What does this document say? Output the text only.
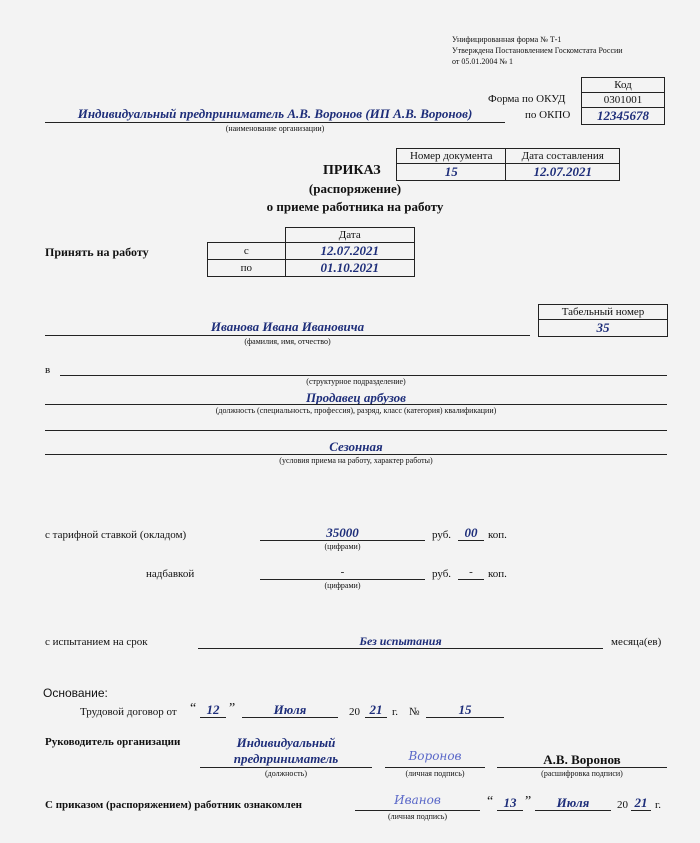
Унифицированная форма № Т-1
Утверждена Постановлением Госкомстата России
от 05.01.2004 № 1
Код
0301001
12345678
Форма по ОКУД
по ОКПО
Индивидуальный предприниматель А.В. Воронов (ИП А.В. Воронов)
(наименование организации)
ПРИКАЗ
Номер документа	Дата составления
15	12.07.2021
(распоряжение)
о приеме работника на работу
Принять на работу
	Дата
с	12.07.2021
по	01.10.2021
Табельный номер
35
Иванова Ивана Ивановича
(фамилия, имя, отчество)
в
(структурное подразделение)
Продавец арбузов
(должность (специальность, профессия), разряд, класс (категория) квалификации)
Сезонная
(условия приема на работу, характер работы)
с тарифной ставкой (окладом)	35000
(цифрами)
руб.	00 коп.
надбавкой	-
(цифрами)
руб.	-	коп.
с испытанием на срок	Без испытания	месяца(ев)
Основание:
Трудовой договор от “ 12 ”	Июля	20 21 г. №	15
Руководитель организации	Индивидуальный
предприниматель
(должность)
Воронов
(личная подпись)
А.В. Воронов
(расшифровка подписи)
С приказом (распоряжением) работник ознакомлен	Иванов
(личная подпись)
“ 13 ”	Июля	20 21 г.
